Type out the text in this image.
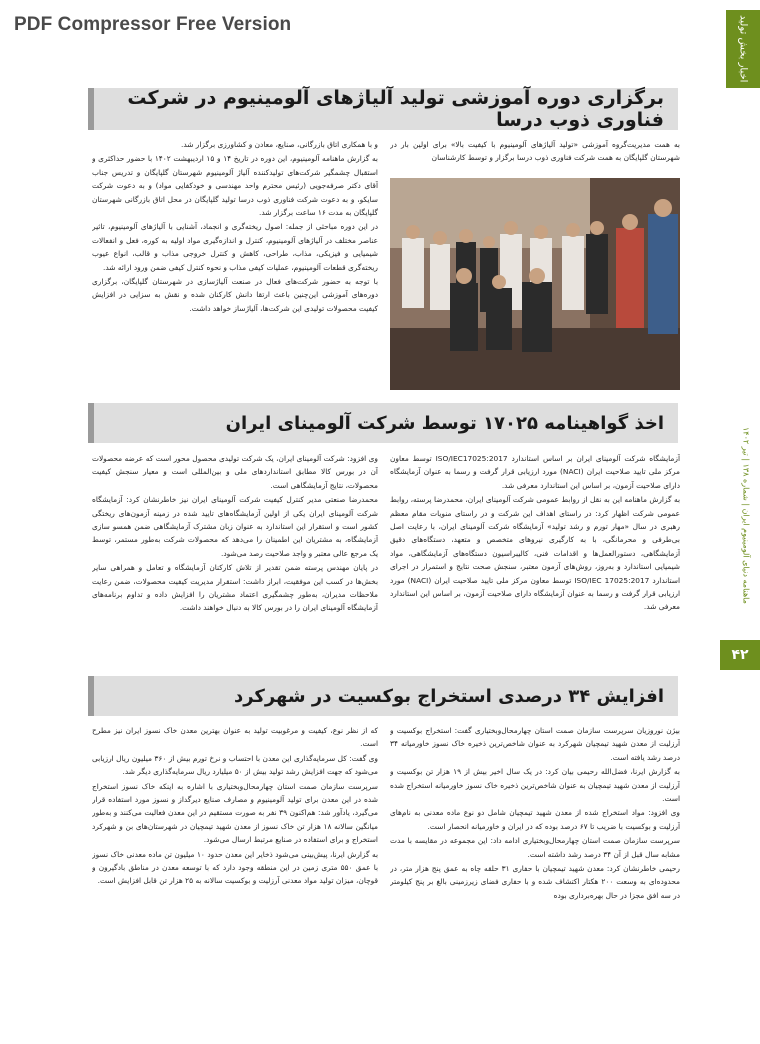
PDF Compressor Free Version	اخبار بخش تولید
ماهنامه دنیای آلومینیوم ایران | شماره ۱۳۸ | تیر ۱۴۰۲
۴۲
برگزاری دوره آموزشی تولید آلیاژهای آلومینیوم در شرکت فناوری ذوب درسا

به همت مدیریت‌گروه آموزشی «تولید آلیاژهای آلومینیوم با کیفیت بالا» برای اولین بار در شهرستان گلپایگان به همت شرکت فناوری ذوب درسا برگزار و توسط کارشناسان

و با همکاری اتاق بازرگانی، صنایع، معادن و کشاورزی برگزار شد.

به گزارش ماهنامه آلومینیوم، این دوره در تاریخ ۱۴ و ۱۵ اردیبهشت ۱۴۰۲ با حضور حداکثری و استقبال چشمگیر شرکت‌های تولیدکننده آلیاژ آلومینیوم شهرستان گلپایگان و تدریس جناب آقای دکتر صرفه‌جویی (رئیس محترم واحد مهندسی و خودکفایی مواد) و به دعوت شرکت سایکو، و به دعوت شرکت فناوری ذوب درسا تولید گلپایگان در محل اتاق بازرگانی شهرستان گلپایگان به مدت ۱۶ ساعت برگزار شد.

در این دوره مباحثی از جمله: اصول ریخته‌گری و انجماد، آشنایی با آلیاژهای آلومینیوم، تاثیر عناصر مختلف در آلیاژهای آلومینیوم، کنترل و اندازه‌گیری مواد اولیه به کوره، فعل و انفعالات شیمیایی و فیزیکی، مذاب، طراحی، کاهش و کنترل خروجی مذاب و قالب، انواع عیوب ریخته‌گری قطعات آلومینیوم، عملیات کیفی مذاب و نحوه کنترل کیفی ضمن ورود ارائه شد.

با توجه به حضور شرکت‌های فعال در صنعت آلیاژسازی در شهرستان گلپایگان، برگزاری دوره‌های آموزشی این‌چنین باعث ارتقا دانش کارکنان شده و نقش به سزایی در افزایش کیفیت محصولات تولیدی این شرکت‌ها، آلیاژساز خواهد داشت.

اخذ گواهینامه ۱۷۰۲۵ توسط شرکت آلومینای ایران

آزمایشگاه شرکت آلومینای ایران بر اساس استاندارد ISO/IEC17025:2017 توسط معاون مرکز ملی تایید صلاحیت ایران (NACI) مورد ارزیابی قرار گرفت و رسما به عنوان آزمایشگاه دارای صلاحیت آزمون، بر اساس این استاندارد معرفی شد.

به گزارش ماهنامه این به نقل از روابط عمومی شرکت آلومینای ایران، محمدرضا پرسته، روابط عمومی شرکت اظهار کرد: در راستای اهداف این شرکت و در راستای منویات مقام معظم رهبری در سال «مهار تورم و رشد تولید» آزمایشگاه شرکت آلومینای ایران، با رعایت اصل بی‌طرفی و محرمانگی، با به کارگیری نیروهای متخصص و متعهد، دستگاه‌های دقیق آزمایشگاهی، دستورالعمل‌ها و اقدامات فنی، کالیبراسیون دستگاه‌های آزمایشگاهی، مواد شیمیایی استاندارد و به‌روز، روش‌های آزمون معتبر، سنجش صحت نتایج و استمرار در اجرای استاندارد ISO/IEC 17025:2017 توسط معاون مرکز ملی تایید صلاحیت ایران (NACI) مورد ارزیابی قرار گرفت و رسما به عنوان آزمایشگاه دارای صلاحیت آزمون، بر اساس این استاندارد معرفی شد.

وی افزود: شرکت آلومینای ایران، یک شرکت تولیدی محصول محور است که عرضه محصولات آن در بورس کالا مطابق استانداردهای ملی و بین‌المللی است و معیار سنجش کیفیت محصولات، نتایج آزمایشگاهی است.

محمدرضا صنعتی مدیر کنترل کیفیت شرکت آلومینای ایران نیز خاطرنشان کرد: آزمایشگاه شرکت آلومینای ایران یکی از اولین آزمایشگاه‌های تایید شده در زمینه آزمون‌های ریختگی کشور است و استقرار این استاندارد به عنوان زبان مشترک آزمایشگاهی ضمن همسو سازی آزمایشگاه، به مشتریان این اطمینان را می‌دهد که محصولات شرکت به‌طور مستمر، توسط یک مرجع عالی معتبر و واجد صلاحیت رصد می‌شود.

در پایان مهندس پرسته ضمن تقدیر از تلاش کارکنان آزمایشگاه و تعامل و همراهی سایر بخش‌ها در کسب این موفقیت، ابراز داشت: استقرار مدیریت کیفیت محصولات، ضمن رعایت ملاحظات مدیران، به‌طور چشمگیری اعتماد مشتریان را افزایش داده و تداوم برنامه‌های آزمایشگاه آلومینای ایران را در بورس کالا به دنبال خواهند داشت.

افزایش ۳۴ درصدی استخراج بوکسیت در شهرکرد

بیژن نوروزیان سرپرست سازمان صمت استان چهارمحال‌وبختیاری گفت: استخراج بوکسیت و آرزلیت از معدن شهید تیمچیان شهرکرد به عنوان شاخص‌ترین ذخیره خاک نسوز خاورمیانه ۳۴ درصد رشد یافته است.

به گزارش ایرنا، فضل‌الله رحیمی بیان کرد: در یک سال اخیر بیش از ۱۹ هزار تن بوکسیت و آرزلیت از معدن شهید تیمچیان به عنوان شاخص‌ترین ذخیره خاک نسوز خاورمیانه استخراج شده است.

وی افزود: مواد استخراج شده از معدن شهید تیمچیان شامل دو نوع ماده معدنی به نام‌های آرزلیت و بوکسیت با ضریب تا ۶۷ درصد بوده که در ایران و خاورمیانه انحصار است.

سرپرست سازمان صمت استان چهارمحال‌وبختیاری ادامه داد: این مجموعه در مقایسه با مدت مشابه سال قبل از آن ۳۴ درصد رشد داشته است.

رحیمی خاطرنشان کرد: معدن شهید تیمچیان با حفاری ۳۱ حلقه چاه به عمق پنج هزار متر، در محدوده‌ای به وسعت ۲۰۰ هکتار اکتشاف شده و با حفاری فضای زیرزمینی بالغ بر پنج کیلومتر در سه افق مجزا در حال بهره‌برداری بوده

که از نظر نوع، کیفیت و مرغوبیت تولید به عنوان بهترین معدن خاک نسوز ایران نیز مطرح است.

وی گفت: کل سرمایه‌گذاری این معدن با احتساب و نرخ تورم بیش از ۳۶۰ میلیون ریال ارزیابی می‌شود که جهت افزایش رشد تولید بیش از ۵۰ میلیارد ریال سرمایه‌گذاری دیگر شد.

سرپرست سازمان صمت استان چهارمحال‌وبختیاری با اشاره به اینکه خاک نسوز استخراج شده در این معدن برای تولید آلومینیوم و مصارف صنایع دیرگداز و نسوز مورد استفاده قرار می‌گیرد، یادآور شد: هم‌اکنون ۳۹ نفر به صورت مستقیم در این معدن فعالیت می‌کنند و به‌طور میانگین سالانه ۱۸ هزار تن خاک نسوز از معدن شهید تیمچیان در شهرستان‌های بن و شهرکرد استخراج و برای استفاده در صنایع مرتبط ارسال می‌شود.

به گزارش ایرنا، پیش‌بینی می‌شود ذخایر این معدن حدود ۱۰ میلیون تن ماده معدنی خاک نسوز با عمق ۵۵۰ متری زمین در این منطقه وجود دارد که با توسعه معدن در مناطق بادگیرون و قوچان، میزان تولید مواد معدنی آرزلیت و بوکسیت سالانه به ۲۵ هزار تن قابل افزایش است.
